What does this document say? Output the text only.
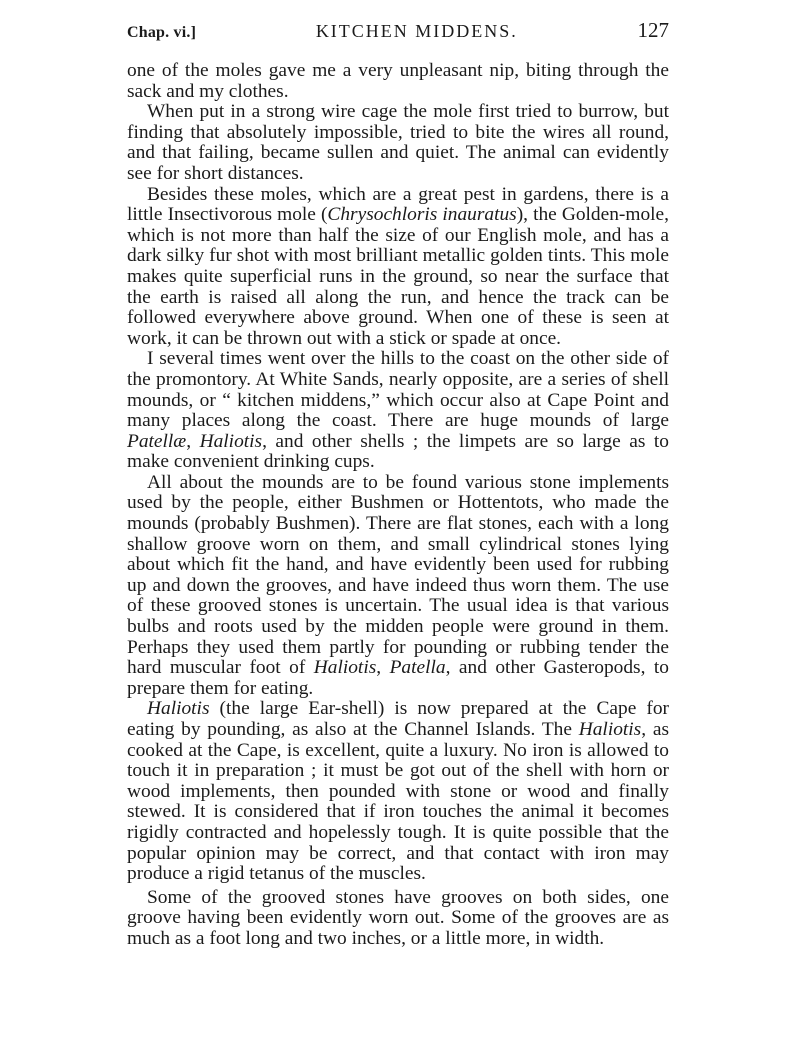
Chap. vi.]	KITCHEN MIDDENS.	127

one of the moles gave me a very unpleasant nip, biting through the sack and my clothes.

When put in a strong wire cage the mole first tried to burrow, but finding that absolutely impossible, tried to bite the wires all round, and that failing, became sullen and quiet. The animal can evidently see for short distances.

Besides these moles, which are a great pest in gardens, there is a little Insectivorous mole (Chrysochloris inauratus), the Golden-mole, which is not more than half the size of our English mole, and has a dark silky fur shot with most brilliant metallic golden tints. This mole makes quite superficial runs in the ground, so near the surface that the earth is raised all along the run, and hence the track can be followed everywhere above ground. When one of these is seen at work, it can be thrown out with a stick or spade at once.

I several times went over the hills to the coast on the other side of the promontory. At White Sands, nearly opposite, are a series of shell mounds, or “ kitchen middens,” which occur also at Cape Point and many places along the coast. There are huge mounds of large Patellæ, Haliotis, and other shells ; the limpets are so large as to make convenient drinking cups.

All about the mounds are to be found various stone implements used by the people, either Bushmen or Hottentots, who made the mounds (probably Bushmen). There are flat stones, each with a long shallow groove worn on them, and small cylindrical stones lying about which fit the hand, and have evidently been used for rubbing up and down the grooves, and have indeed thus worn them. The use of these grooved stones is uncertain. The usual idea is that various bulbs and roots used by the midden people were ground in them. Perhaps they used them partly for pounding or rubbing tender the hard muscular foot of Haliotis, Patella, and other Gasteropods, to prepare them for eating.

Haliotis (the large Ear-shell) is now prepared at the Cape for eating by pounding, as also at the Channel Islands. The Haliotis, as cooked at the Cape, is excellent, quite a luxury. No iron is allowed to touch it in preparation ; it must be got out of the shell with horn or wood implements, then pounded with stone or wood and finally stewed. It is considered that if iron touches the animal it becomes rigidly contracted and hopelessly tough. It is quite possible that the popular opinion may be correct, and that contact with iron may produce a rigid tetanus of the muscles.

Some of the grooved stones have grooves on both sides, one groove having been evidently worn out. Some of the grooves are as much as a foot long and two inches, or a little more, in width.
